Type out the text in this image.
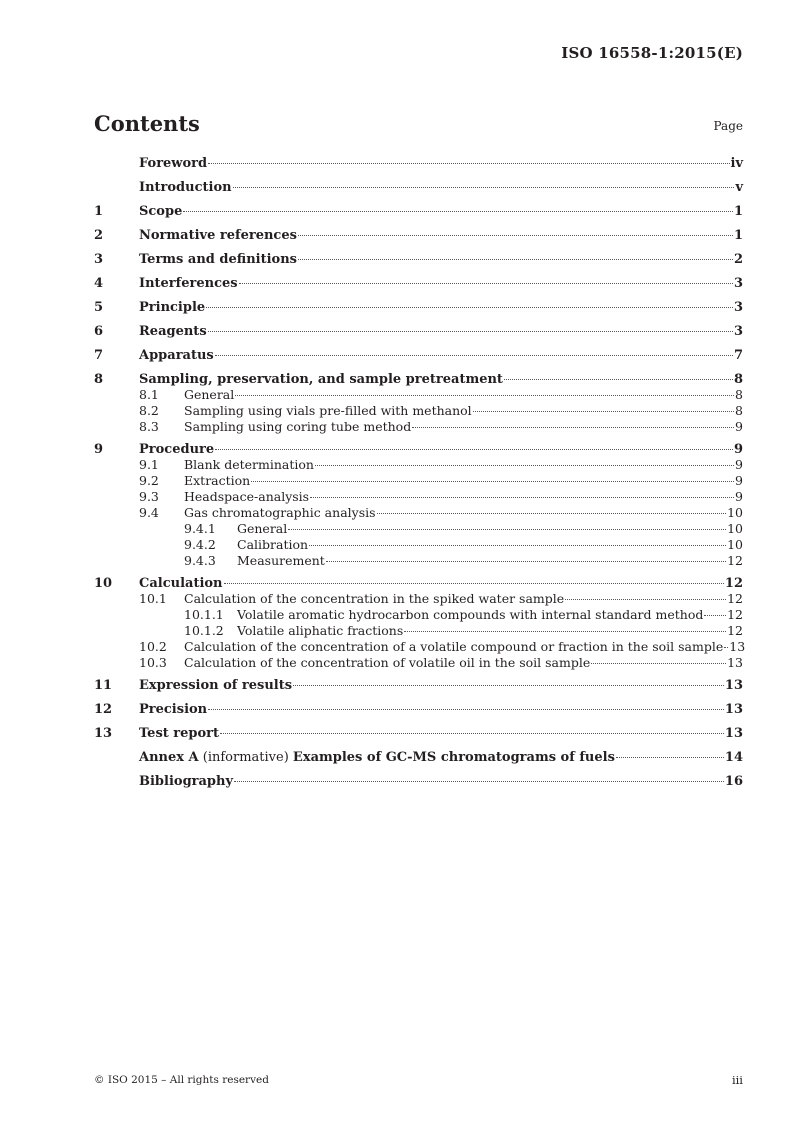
ISO 16558-1:2015(E)
Contents	Page
Foreword	iv
Introduction	v
1	Scope	1
2	Normative references	1
3	Terms and definitions	2
4	Interferences	3
5	Principle	3
6	Reagents	3
7	Apparatus	7
8	Sampling, preservation, and sample pretreatment	8
8.1	General	8
8.2	Sampling using vials pre-filled with methanol	8
8.3	Sampling using coring tube method	9
9	Procedure	9
9.1	Blank determination	9
9.2	Extraction	9
9.3	Headspace-analysis	9
9.4	Gas chromatographic analysis	10
9.4.1	General	10
9.4.2	Calibration	10
9.4.3	Measurement	12
10	Calculation	12
10.1	Calculation of the concentration in the spiked water sample	12
10.1.1	Volatile aromatic hydrocarbon compounds with internal standard method 12
10.1.2	Volatile aliphatic fractions	12
10.2	Calculation of the concentration of a volatile compound or fraction in the soil sample 13
10.3	Calculation of the concentration of volatile oil in the soil sample	13
11	Expression of results	13
12	Precision	13
13	Test report	13
Annex A (informative) Examples of GC-MS chromatograms of fuels	14
Bibliography	16
© ISO 2015 – All rights reserved	iii
